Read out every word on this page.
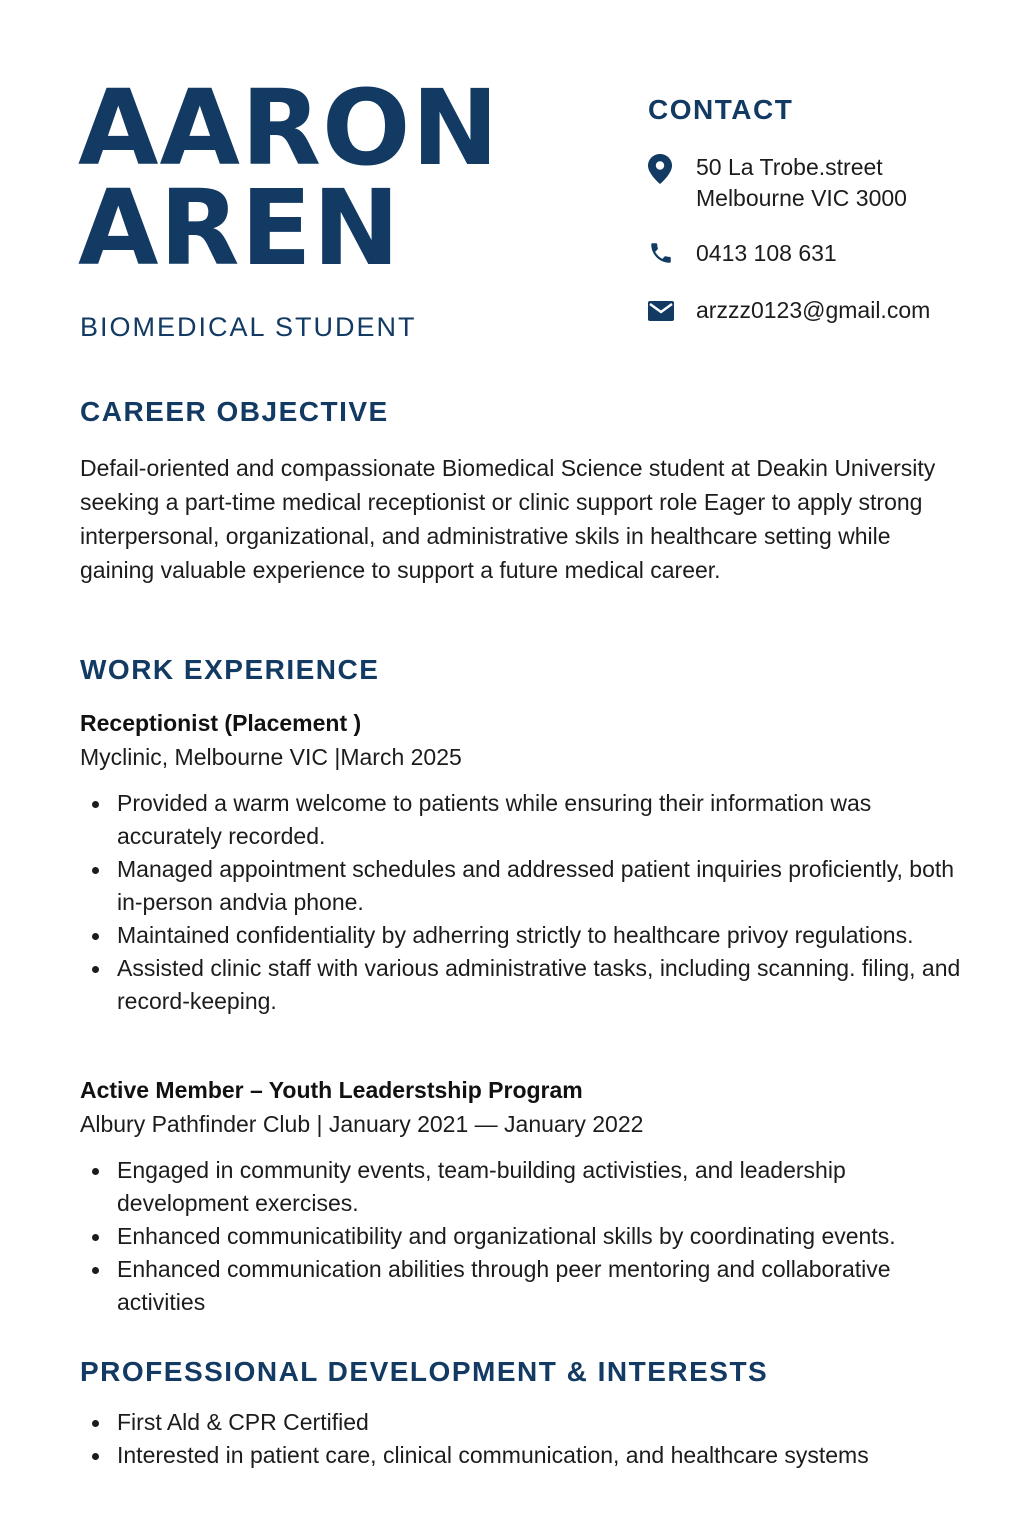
AARON
AREN
BIOMEDICAL STUDENT
CONTACT
50 La Trobe.street
Melbourne VIC 3000
0413 108 631
arzzz0123@gmail.com
CAREER OBJECTIVE

Defail-oriented and compassionate Biomedical Science student at Deakin University seeking a part-time medical receptionist or clinic support role Eager to apply strong interpersonal, organizational, and administrative skils in healthcare setting while gaining valuable experience to support a future medical career.

WORK EXPERIENCE
Receptionist (Placement )
Myclinic, Melbourne VIC |March 2025
Provided a warm welcome to patients while ensuring their information was accurately recorded.
Managed appointment schedules and addressed patient inquiries proficiently, both in-person andvia phone.
Maintained confidentiality by adherring strictly to healthcare privoy regulations.
Assisted clinic staff with various administrative tasks, including scanning. filing, and record-keeping.
Active Member – Youth Leaderstship Program
Albury Pathfinder Club | January 2021 — January 2022
Engaged in community events, team-building activisties, and leadership development exercises.
Enhanced communicatibility and organizational skills by coordinating events.
Enhanced communication abilities through peer mentoring and collaborative activities
PROFESSIONAL DEVELOPMENT & INTERESTS
First Ald & CPR Certified
Interested in patient care, clinical communication, and healthcare systems
